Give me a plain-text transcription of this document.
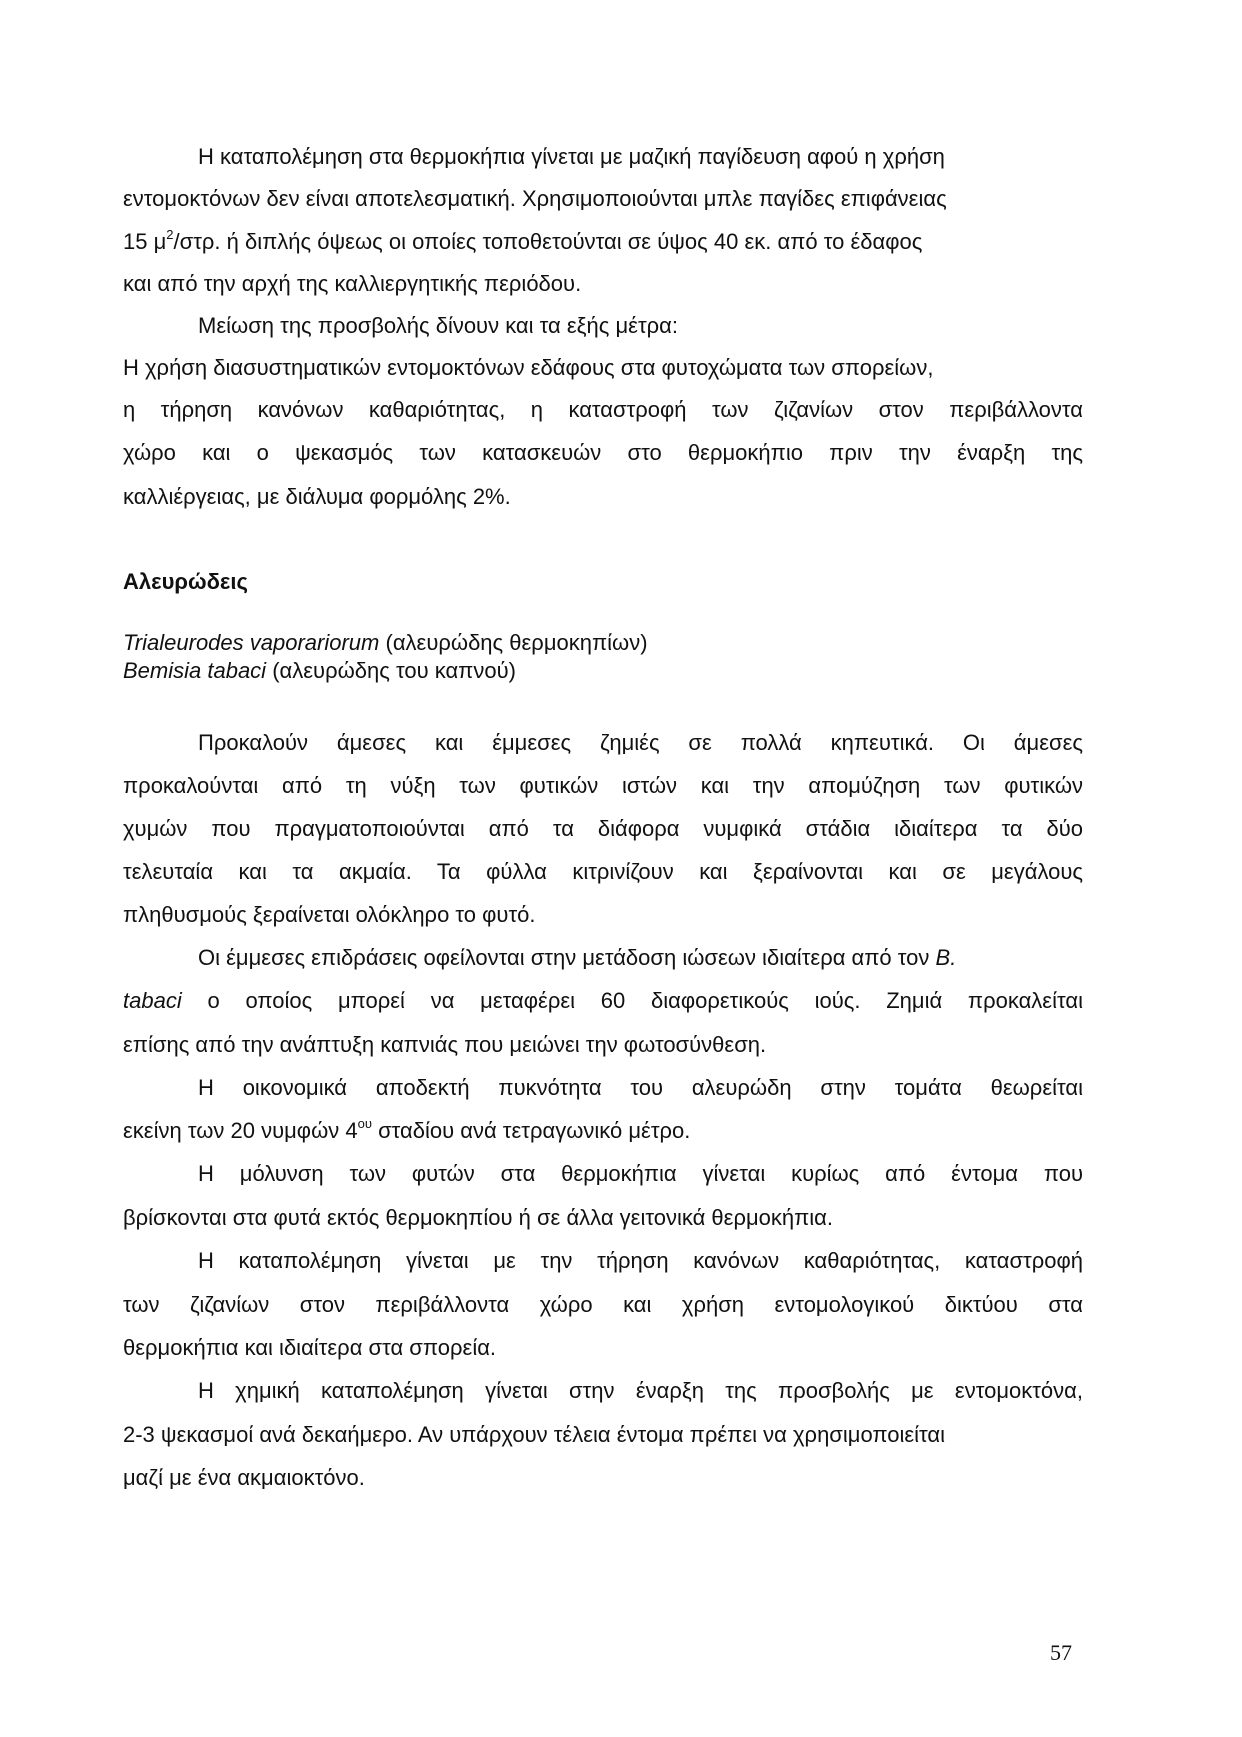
Η καταπολέμηση στα θερμοκήπια γίνεται με μαζική παγίδευση αφού η χρήση
εντομοκτόνων δεν είναι αποτελεσματική. Χρησιμοποιούνται μπλε παγίδες επιφάνειας
15 $\mu^2$/στρ. ή διπλής όψεως οι οποίες τοποθετούνται σε ύψος 40 εκ. από το έδαφος
και από την αρχή της καλλιεργητικής περιόδου.
Μείωση της προσβολής δίνουν και τα εξής μέτρα:
Η χρήση διασυστηματικών εντομοκτόνων εδάφους στα φυτοχώματα των σπορείων,
η τήρηση κανόνων καθαριότητας, η καταστροφή των ζιζανίων στον περιβάλλοντα
χώρο και ο ψεκασμός των κατασκευών στο θερμοκήπιο πριν την έναρξη της
καλλιέργειας, με διάλυμα φορμόλης 2%.
Αλευρώδεις
Trialeurodes vaporariorum (αλευρώδης θερμοκηπίων)
Bemisia tabaci (αλευρώδης του καπνού)
Προκαλούν άμεσες και έμμεσες ζημιές σε πολλά κηπευτικά. Οι άμεσες
προκαλούνται από τη νύξη των φυτικών ιστών και την απομύζηση των φυτικών
χυμών που πραγματοποιούνται από τα διάφορα νυμφικά στάδια ιδιαίτερα τα δύο
τελευταία και τα ακμαία. Τα φύλλα κιτρινίζουν και ξεραίνονται και σε μεγάλους
πληθυσμούς ξεραίνεται ολόκληρο το φυτό.
Οι έμμεσες επιδράσεις οφείλονται στην μετάδοση ιώσεων ιδιαίτερα από τον B.
tabaci ο οποίος μπορεί να μεταφέρει 60 διαφορετικούς ιούς. Ζημιά προκαλείται
επίσης από την ανάπτυξη καπνιάς που μειώνει την φωτοσύνθεση.
Η οικονομικά αποδεκτή πυκνότητα του αλευρώδη στην τομάτα θεωρείται
εκείνη των 20 νυμφών $4^{o\upsilon}$ σταδίου ανά τετραγωνικό μέτρο.
Η μόλυνση των φυτών στα θερμοκήπια γίνεται κυρίως από έντομα που
βρίσκονται στα φυτά εκτός θερμοκηπίου ή σε άλλα γειτονικά θερμοκήπια.
Η καταπολέμηση γίνεται με την τήρηση κανόνων καθαριότητας, καταστροφή
των ζιζανίων στον περιβάλλοντα χώρο και χρήση εντομολογικού δικτύου στα
θερμοκήπια και ιδιαίτερα στα σπορεία.
Η χημική καταπολέμηση γίνεται στην έναρξη της προσβολής με εντομοκτόνα,
2-3 ψεκασμοί ανά δεκαήμερο. Αν υπάρχουν τέλεια έντομα πρέπει να χρησιμοποιείται
μαζί με ένα ακμαιοκτόνο.
57
